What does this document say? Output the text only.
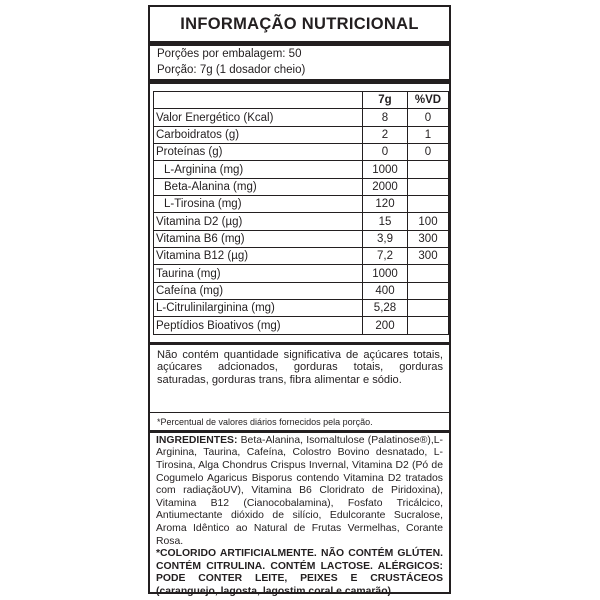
INFORMAÇÃO NUTRICIONAL
Porções por embalagem: 50
Porção: 7g (1 dosador cheio)
	7g	%VD
Valor Energético (Kcal)	8	0
Carboidratos (g)	2	1
Proteínas (g)	0	0
L-Arginina (mg)	1000	
Beta-Alanina (mg)	2000	
L-Tirosina (mg)	120	
Vitamina D2 (µg)	15	100
Vitamina B6 (mg)	3,9	300
Vitamina B12 (µg)	7,2	300
Taurina (mg)	1000	
Cafeína (mg)	400	
L-Citrulinilarginina (mg)	5,28	
Peptídios Bioativos (mg)	200	
Não contém quantidade significativa de açúcares totais, açúcares adcionados, gorduras totais, gorduras saturadas, gorduras trans, fibra alimentar e sódio.
*Percentual de valores diários fornecidos pela porção.
INGREDIENTES: Beta-Alanina, Isomaltulose (Palatinose®),L-Arginina, Taurina, Cafeína, Colostro Bovino desnatado, L-Tirosina, Alga Chondrus Crispus Invernal, Vitamina D2 (Pó de Cogumelo Agaricus Bisporus contendo Vitamina D2 tratados com radiaçãoUV), Vitamina B6 Cloridrato de Piridoxina), Vitamina B12 (Cianocobalamina), Fosfato Tricálcico, Antiumectante dióxido de silício, Edulcorante Sucralose, Aroma Idêntico ao Natural de Frutas Vermelhas, Corante Rosa.
*COLORIDO ARTIFICIALMENTE. NÃO CONTÉM GLÚTEN. CONTÉM CITRULINA. CONTÉM LACTOSE. ALÉRGICOS: PODE CONTER LEITE, PEIXES E CRUSTÁCEOS (caranguejo, lagosta, lagostim coral e camarão)
